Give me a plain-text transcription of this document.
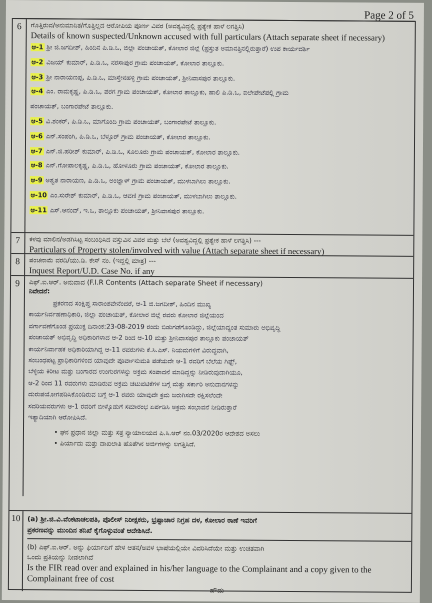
Page 2 of 5
6	ಗೊತ್ತಿರುವ/ಅನುಮಾನಿತ/ಗೊತ್ತಿಲ್ಲದ ಆರೋಪಿಯ ಪೂರ್ಣ ವಿವರ (ಅವಶ್ಯವಿದ್ದಲ್ಲಿ ಪ್ರತ್ಯೇಕ ಹಾಳೆ ಲಗತ್ತಿಸಿ)
Details of known suspected/Unknown accused with full particulars (Attach separate sheet if necessary)
ಆ-1 ಶ್ರೀ ಜಿ.ಜಗದೀಶ್, ಹಿಂದಿನ ಪಿ.ಡಿ.ಒ, ಜಿಲ್ಲಾ ಪಂಚಾಯತ್, ಕೋಲಾರ ಜಿಲ್ಲೆ (ಪ್ರಸ್ತುತ ಅಮಾನತ್ತಿನಲ್ಲಿರುತ್ತಾರೆ) ಉಪ ಕಾರ್ಯದರ್ಶಿ
ಆ-2 ವಿಜಯ್ ಕುಮಾರ್, ಪಿ.ಡಿ.ಒ, ನರಸಾಪುರ ಗ್ರಾಮ ಪಂಚಾಯತ್, ಕೋಲಾರ ತಾಲ್ಲೂಕು.
ಆ-3 ಶ್ರೀ ನಾರಾಯಣಪ್ಪ, ಪಿ.ಡಿ.ಒ, ಮಾಸ್ತೇನಹಳ್ಳಿ ಗ್ರಾಮ ಪಂಚಾಯತ್, ಶ್ರೀನಿವಾಸಪುರ ತಾಲ್ಲೂಕು.
ಆ-4 ಎಂ. ರಾಮಕೃಷ್ಣ, ಪಿ.ಡಿ.ಒ, ಪರಗ ಗ್ರಾಮ ಪಂಚಾಯತ್, ಕೋಲಾರ ತಾಲ್ಲೂಕು, ಹಾಲಿ ಪಿ.ಡಿ.ಒ, ಐಲೇಪೇಟೆಪಲ್ಲಿ ಗ್ರಾಮ
ಪಂಚಾಯತ್, ಬಂಗಾರಪೇಟೆ ತಾಲ್ಲೂಕು.
ಆ-5 ವಿ.ಶಂಕರ್, ಪಿ.ಡಿ.ಒ, ಮಾಗೊಂದಿ ಗ್ರಾಮ ಪಂಚಾಯತ್, ಬಂಗಾರಪೇಟೆ ತಾಲ್ಲೂಕು.
ಆ-6 ಎನ್.ಸಂಪಂಗಿ, ಪಿ.ಡಿ.ಒ, ಬೆಳ್ಳೂರ್ ಗ್ರಾಮ ಪಂಚಾಯತ್, ಕೋಲಾರ ತಾಲ್ಲೂಕು.
ಆ-7 ಎನ್.ಜಿ.ಹರೀಶ್ ಕುಮಾರ್, ಪಿ.ಡಿ.ಒ, ಸೂಲೂರು ಗ್ರಾಮ ಪಂಚಾಯತ್, ಕೋಲಾರ ತಾಲ್ಲೂಕು.
ಆ-8 ಎನ್.ಗೋಪಾಲಕೃಷ್ಣ, ಪಿ.ಡಿ.ಒ, ಹೋಳೂರು ಗ್ರಾಮ ಪಂಚಾಯತ್, ಕೋಲಾರ ತಾಲ್ಲೂಕು.
ಆ-9 ಅಶ್ವತ ನಾರಾಯಣ, ಪಿ.ಡಿ.ಒ, ಅಂಜ್ಞಾಳ್ ಗ್ರಾಮ ಪಂಚಾಯತ್, ಮುಳಬಾಗಿಲು ತಾಲ್ಲೂಕು.
ಆ-10 ಎಂ.ಸುರೇಶ್ ಕುಮಾರ್, ಪಿ.ಡಿ.ಒ, ಆವಣಿ ಗ್ರಾಮ ಪಂಚಾಯತ್, ಮುಳಬಾಗಿಲು ತಾಲ್ಲೂಕು.
ಆ-11 ಎಸ್.ಆನಂದ್, ಇ.ಒ, ತಾಲ್ಲೂಕು ಪಂಚಾಯತ್, ಶ್ರೀನಿವಾಸಪುರ ತಾಲ್ಲೂಕು.
7	ಕಳವು ಮಾಲಿನ/ಅಡಗಿಸಿಟ್ಟ ಸಂಬಂಧಿಸಿದ ವಸ್ತುವಿನ ವಿವರ ಮತ್ತು ಬೆಲೆ (ಅವಶ್ಯವಿದ್ದಲ್ಲಿ ಪ್ರತ್ಯೇಕ ಹಾಳೆ ಲಗತ್ತಿಸಿ) ---
Particulars of Property stolen/involved with value (Attach separate sheet if necessary)
8	ಪಂಚನಾಮೆ ವರದಿ/ಯು.ಡಿ. ಕೇಸ್ ನಂ. (ಇದ್ದಲ್ಲಿ ಮಾತ್ರ) ---
Inquest Report/U.D. Case No. if any
9	ಎಫ್.ಐ.ಆರ್. ಅನುವಾದ (F.I.R Contents (Attach separate Sheet if necessary)
ನಿವೇದನೆ:
ಪ್ರಕರಣದ ಸಂಕ್ಷಿಪ್ತ ಸಾರಾಂಶವೇನೆಂದರೆ, ಆ-1 ಜಿ.ಜಗದೀಶ್, ಹಿಂದಿನ ಮುಖ್ಯ
ಕಾರ್ಯನಿರ್ವಹಣಾಧಿಕಾರಿ, ಜಿಲ್ಲಾ ಪಂಚಾಯತ್, ಕೋಲಾರ ಜಿಲ್ಲೆ ರವರು ಕೋಲಾರ ಜಿಲ್ಲೆಯಂದ
ವರ್ಗಾವಣೆಗೊಂಡ ಪ್ರಯುಕ್ತ ದಿನಾಂಕ:23-08-2019 ರಂದು ಬಿಡುಗಡೆಗೊಂಡಿದ್ದು, ಜಿಲ್ಲೆಯಾದ್ಯಂತ ಸುಮಾರು ಅಭಿವೃದ್ಧಿ
ಪಂಚಾಯತ್ ಅಭಿವೃದ್ಧಿ ಅಧಿಕಾರಿಗಳಾದ ಆ-2 ರಿಂದ ಆ-10 ಮತ್ತು ಶ್ರೀನಿವಾಸಪುರ ತಾಲ್ಲೂಕು ಪಂಚಾಯತ್
ಕಾರ್ಯನಿರ್ವಾಹಕ ಅಧಿಕಾರಿಯಾಗಿದ್ದ ಆ-11 ರವರುಗಳು ಕೆ.ಸಿ.ಎಸ್. ನಿಯಮಗಳಿಗೆ ವಿರುದ್ಧವಾಗಿ,
ಸಂಬಂಧಪಟ್ಟ ಪ್ರಾಧಿಕಾರಿಗಳಿಂದ ಯಾವುದೇ ಪೂರ್ವಾನುಮತಿ ಪಡೆಯದೇ ಆ-1 ರವರಿಗೆ ಬೆಲೆಯ ಗಿಫ್ಟ್,
ಬೆಳ್ಳಿಯ ಕಿರೀಟ ಮತ್ತು ಬಂಗಾರದ ಉಂಗುರಗಳನ್ನು ಅಕ್ರಮ ಸಂಪಾದನೆ ಮಾಡಿದ್ದನ್ನು ನೀಡಿರುವುದಾಗಿಯೂ,
ಆ-2 ರಿಂದ 11 ರವರುಗಳು ಮಾಡಿರುವ ಅಕ್ರಮ ಚಟುವಟಿಕೆಗಳ ಬಗ್ಗೆ ಮತ್ತು ಸರ್ಕಾರಿ ಅನುದಾನಗಳನ್ನು
ದುರುಪಯೋಗಪಡಿಸಿಕೊಂಡಿರುವ ಬಗ್ಗೆ ಆ-1 ರವರು ಯಾವುದೇ ಕ್ರಮ ಜರುಗಿಸದೇ ರಕ್ಷಿಸಲೆಂದೇ
ಸದರಿಯವರುಗಳು ಆ-1 ರವರಿಗೆ ಬೀಳ್ಕೊಡುಗೆ ಸಮಾರಂಭ ಏರ್ಪಡಿಸಿ ಅಕ್ರಮ ಸಂಭಾವನೆ ನೀಡಿರುತ್ತಾರೆ
ಇತ್ಯಾದಿಯಾಗಿ ಆರೋಪಿಸಿದೆ.
• ಘನ ಪ್ರಧಾನ ಜಿಲ್ಲಾ ಮತ್ತು ಸತ್ರ ನ್ಯಾಯಾಲಯದ ಪಿ.ಸಿ.ಆರ್ ನಂ.03/2020ರ ಆದೇಶದ ಅಸಲು
• ಪಿರ್ಯಾದು ಮತ್ತು ದಾಖಲಾತಿ ಹೊತೆಗಿನ ಅರ್ಜಿಗಳನ್ನು ಲಗತ್ತಿಸಿದೆ.
10	(a) ಶ್ರೀ.ಜಿ.ವಿ.ವೆಂಕಟಾಚಲಪತಿ, ಪೊಲೀಸ್ ನಿರೀಕ್ಷಕರು, ಭ್ರಷ್ಟಾಚಾರ ನಿಗ್ರಹ ದಳ, ಕೋಲಾರ ಠಾಣೆ ಇವರಿಗೆ
ಪ್ರಕರಣವನ್ನು ಮುಂದಿನ ತನಿಖೆ ಕೈಗೊಳ್ಳುವಂತೆ ಆದೇಶಿಸಿದೆ.
(b) ಎಫ್.ಐ.ಆರ್. ಅನ್ನು ಫಿರ್ಯಾದಿಗೆ ಹೇಳ ಆತನ/ಅವಳ ಭಾಷೆಯಲ್ಲಿಯೇ ವಿವರಿಸಿದೆಯೇ ಮತ್ತು ಉಚಿತವಾಗಿ
ಒಂದು ಪ್ರತಿಯನ್ನು ನೀಡಲಾಗಿದೆ
Is the FIR read over and explained in his/her language to the Complainant and a copy given to the Complainant free of cost
ಹೌದು
